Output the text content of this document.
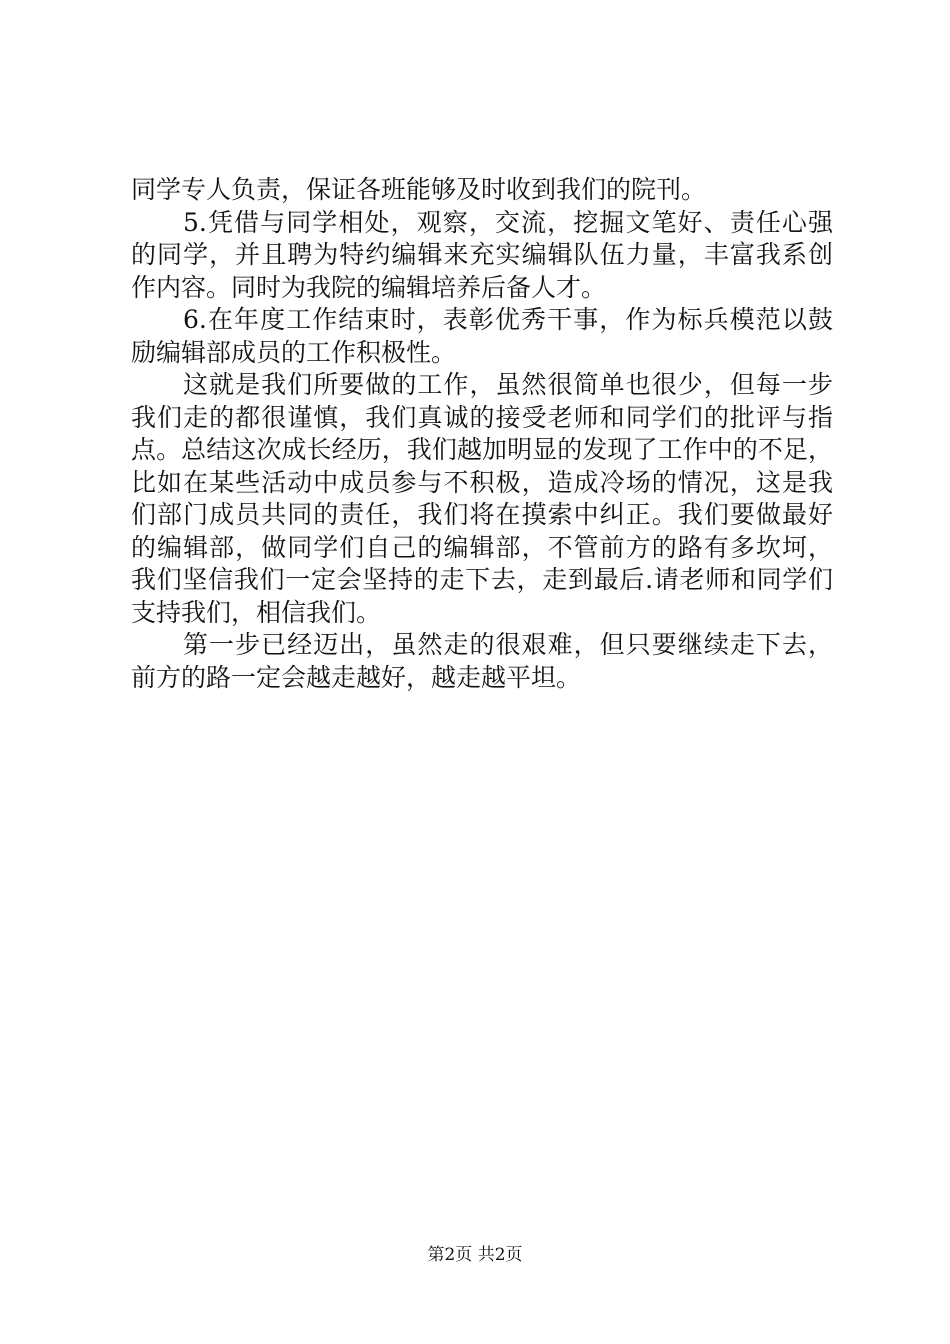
同学专人负责，保证各班能够及时收到我们的院刊。
5.凭借与同学相处，观察，交流，挖掘文笔好、责任心强
的同学，并且聘为特约编辑来充实编辑队伍力量，丰富我系创
作内容。同时为我院的编辑培养后备人才。
6.在年度工作结束时，表彰优秀干事，作为标兵模范以鼓
励编辑部成员的工作积极性。
这就是我们所要做的工作，虽然很简单也很少，但每一步
我们走的都很谨慎，我们真诚的接受老师和同学们的批评与指
点。总结这次成长经历，我们越加明显的发现了工作中的不足，
比如在某些活动中成员参与不积极，造成冷场的情况，这是我
们部门成员共同的责任，我们将在摸索中纠正。我们要做最好
的编辑部，做同学们自己的编辑部，不管前方的路有多坎坷，
我们坚信我们一定会坚持的走下去，走到最后.请老师和同学们
支持我们，相信我们。
第一步已经迈出，虽然走的很艰难，但只要继续走下去，
前方的路一定会越走越好，越走越平坦。
第2页 共2页
